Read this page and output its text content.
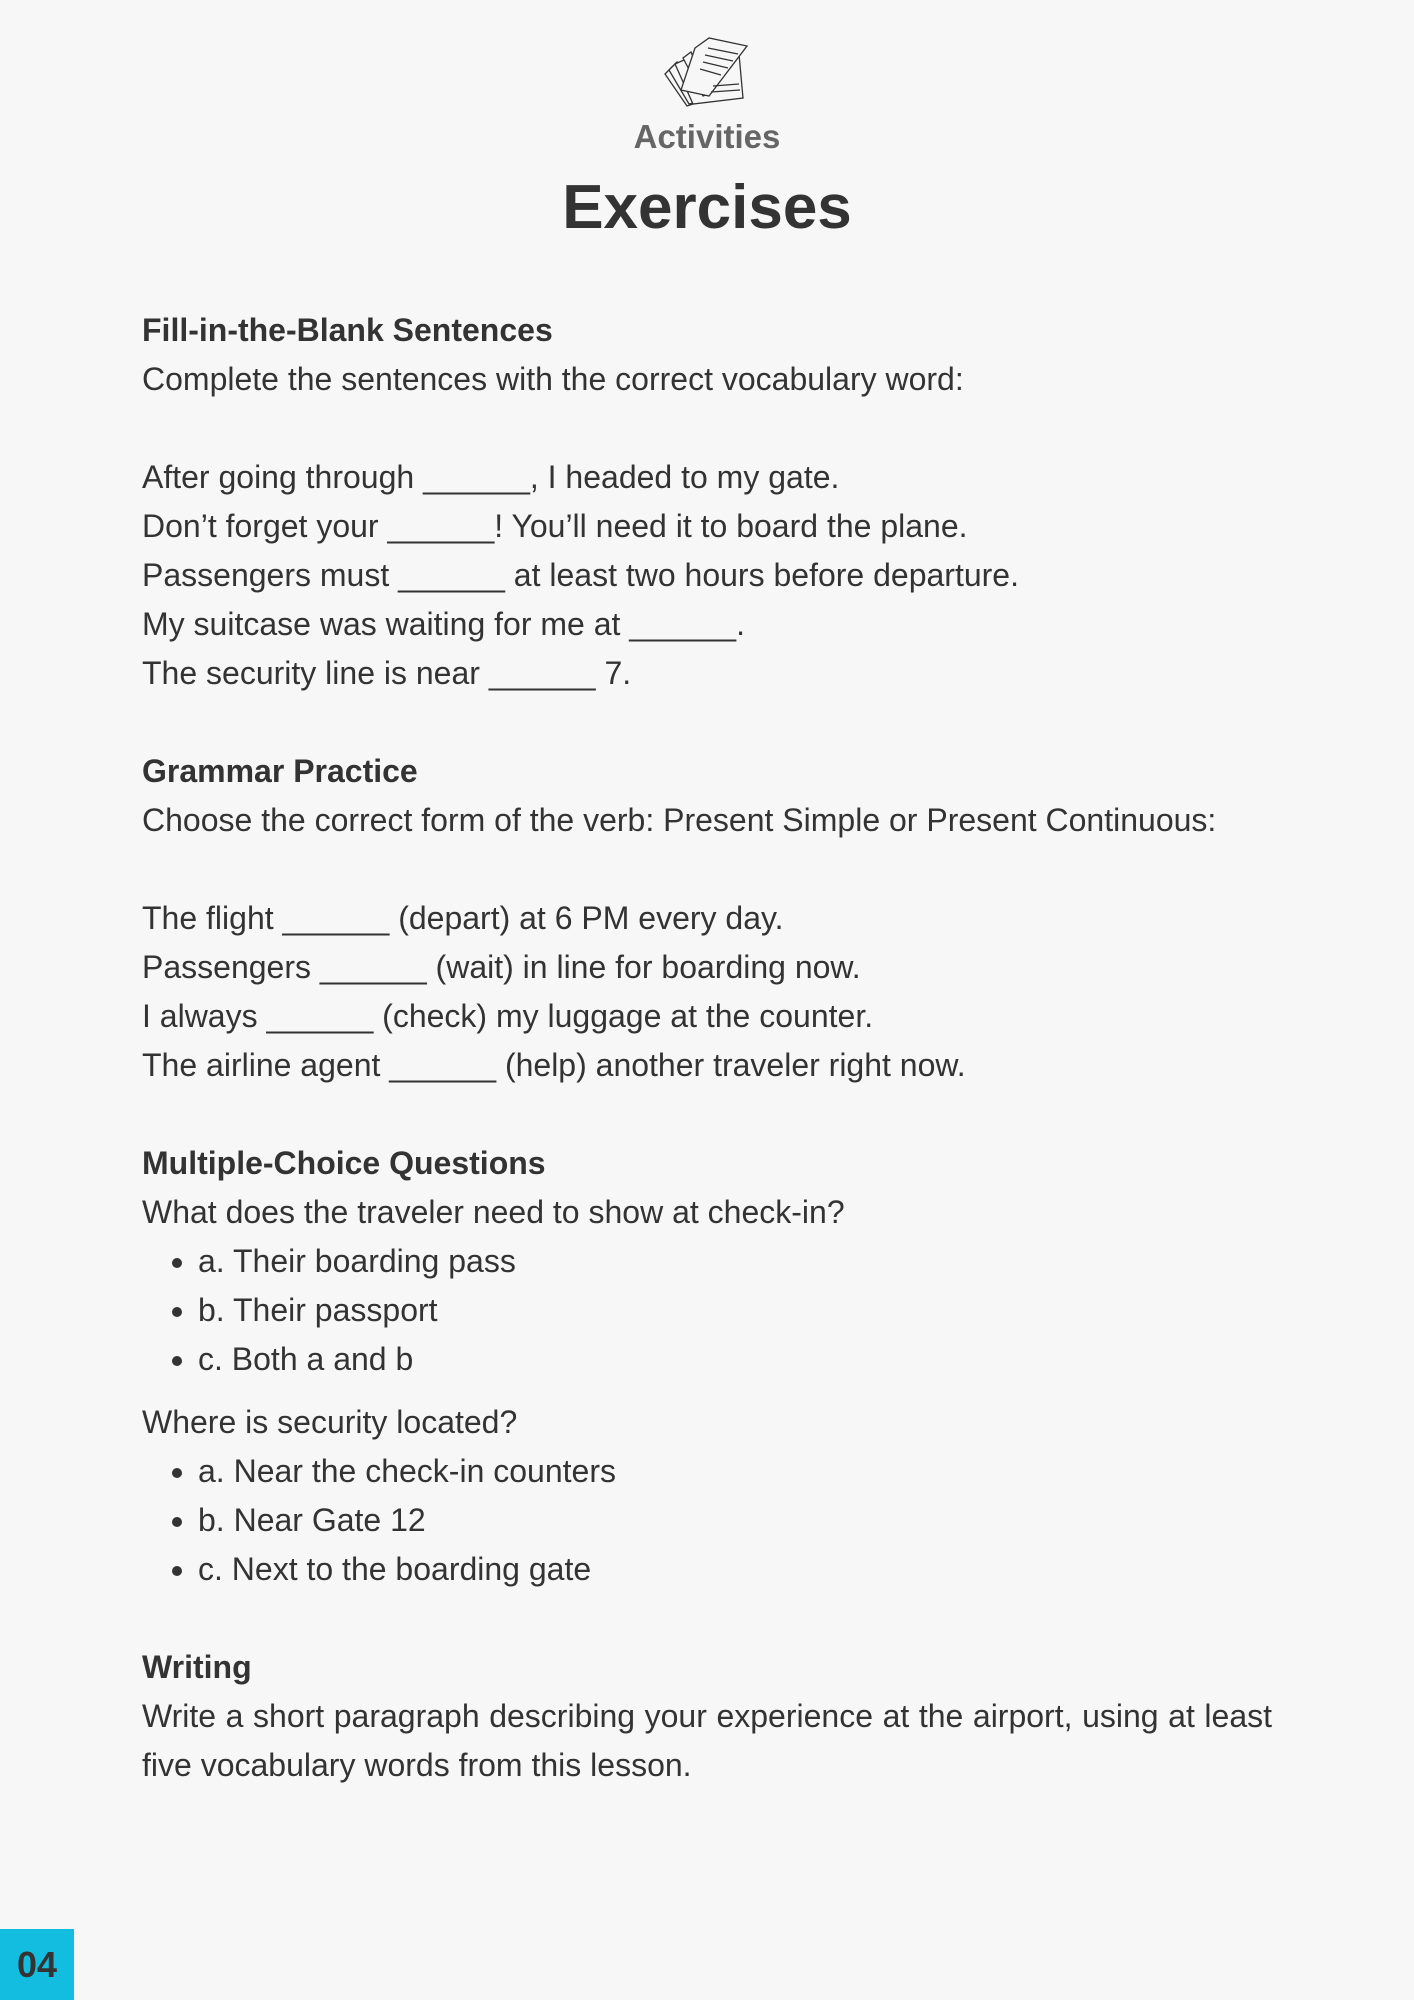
Activities
Exercises

Fill-in-the-Blank Sentences

Complete the sentences with the correct vocabulary word:

After going through ______, I headed to my gate.

Don’t forget your ______! You’ll need it to board the plane.

Passengers must ______ at least two hours before departure.

My suitcase was waiting for me at ______.

The security line is near ______ 7.

Grammar Practice

Choose the correct form of the verb: Present Simple or Present Continuous:

The flight ______ (depart) at 6 PM every day.

Passengers ______ (wait) in line for boarding now.

I always ______ (check) my luggage at the counter.

The airline agent ______ (help) another traveler right now.

Multiple-Choice Questions

What does the traveler need to show at check-in?

• a. Their boarding pass
• b. Their passport
• c. Both a and b

Where is security located?

• a. Near the check-in counters
• b. Near Gate 12
• c. Next to the boarding gate

Writing

Write a short paragraph describing your experience at the airport, using at least five vocabulary words from this lesson.

04
